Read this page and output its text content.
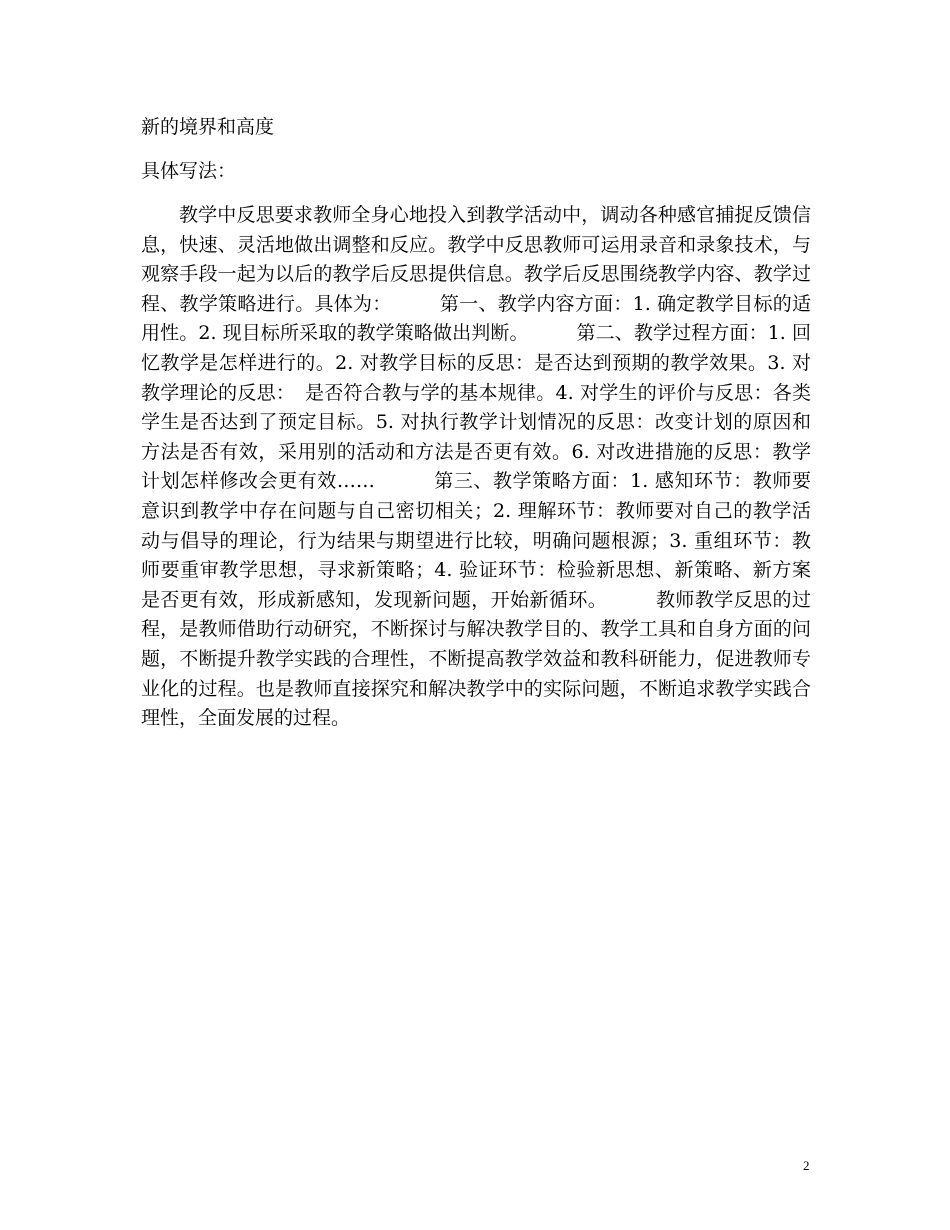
新的境界和高度
具体写法：

教学中反思要求教师全身心地投入到教学活动中，调动各种感官捕捉反馈信息，快速、灵活地做出调整和反应。教学中反思教师可运用录音和录象技术，与观察手段一起为以后的教学后反思提供信息。教学后反思围绕教学内容、教学过程、教学策略进行。具体为：　　　第一、教学内容方面：1. 确定教学目标的适用性。2. 现目标所采取的教学策略做出判断。　　　第二、教学过程方面：1. 回忆教学是怎样进行的。2. 对教学目标的反思：是否达到预期的教学效果。3. 对教学理论的反思：　是否符合教与学的基本规律。4. 对学生的评价与反思：各类学生是否达到了预定目标。5. 对执行教学计划情况的反思：改变计划的原因和方法是否有效，采用别的活动和方法是否更有效。6. 对改进措施的反思：教学计划怎样修改会更有效……　　　第三、教学策略方面：1. 感知环节：教师要意识到教学中存在问题与自己密切相关；2. 理解环节：教师要对自己的教学活动与倡导的理论，行为结果与期望进行比较，明确问题根源；3. 重组环节：教师要重审教学思想，寻求新策略；4. 验证环节：检验新思想、新策略、新方案是否更有效，形成新感知，发现新问题，开始新循环。　　　教师教学反思的过程，是教师借助行动研究，不断探讨与解决教学目的、教学工具和自身方面的问题，不断提升教学实践的合理性，不断提高教学效益和教科研能力，促进教师专业化的过程。也是教师直接探究和解决教学中的实际问题，不断追求教学实践合理性，全面发展的过程。

2
